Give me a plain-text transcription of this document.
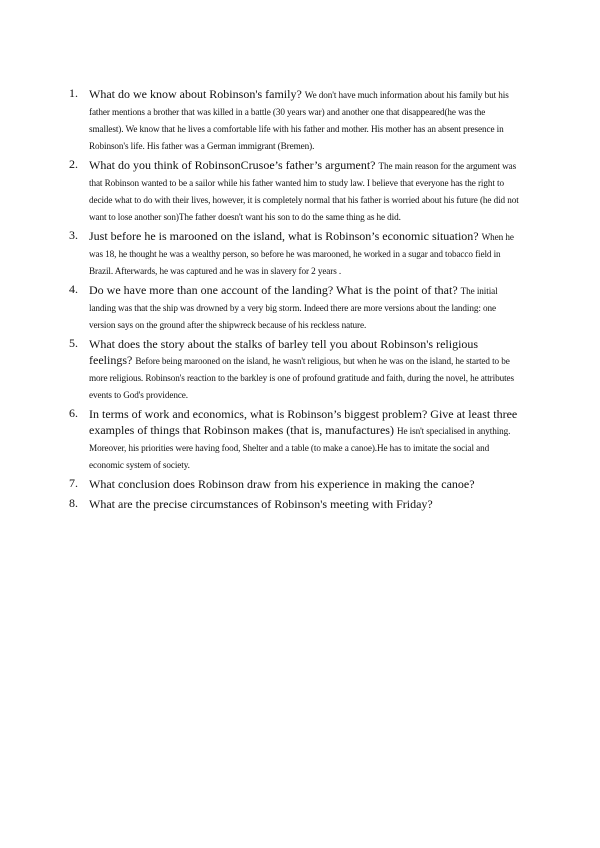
1. What do we know about Robinson's family? We don't have much information about his family but his father mentions a brother that was killed in a battle (30 years war) and another one that disappeared(he was the smallest). We know that he lives a comfortable life with his father and mother. His mother has an absent presence in Robinson's life. His father was a German immigrant (Bremen).
2. What do you think of RobinsonCrusoe’s father’s argument? The main reason for the argument was that Robinson wanted to be a sailor while his father wanted him to study law. I believe that everyone has the right to decide what to do with their lives, however, it is completely normal that his father is worried about his future (he did not want to lose another son)The father doesn't want his son to do the same thing as he did.
3. Just before he is marooned on the island, what is Robinson’s economic situation? When he was 18, he thought he was a wealthy person, so before he was marooned, he worked in a sugar and tobacco field in Brazil. Afterwards, he was captured and he was in slavery for 2 years .
4. Do we have more than one account of the landing? What is the point of that? The initial landing was that the ship was drowned by a very big storm. Indeed there are more versions about the landing: one version says on the ground after the shipwreck because of his reckless nature.
5. What does the story about the stalks of barley tell you about Robinson's religious feelings? Before being marooned on the island, he wasn't religious, but when he was on the island, he started to be more religious. Robinson's reaction to the barkley is one of profound gratitude and faith, during the novel, he attributes events to God's providence.
6. In terms of work and economics, what is Robinson’s biggest problem? Give at least three examples of things that Robinson makes (that is, manufactures) He isn't specialised in anything. Moreover, his priorities were having food, Shelter and a table (to make a canoe).He has to imitate the social and economic system of society.
7. What conclusion does Robinson draw from his experience in making the canoe?
8. What are the precise circumstances of Robinson's meeting with Friday?
